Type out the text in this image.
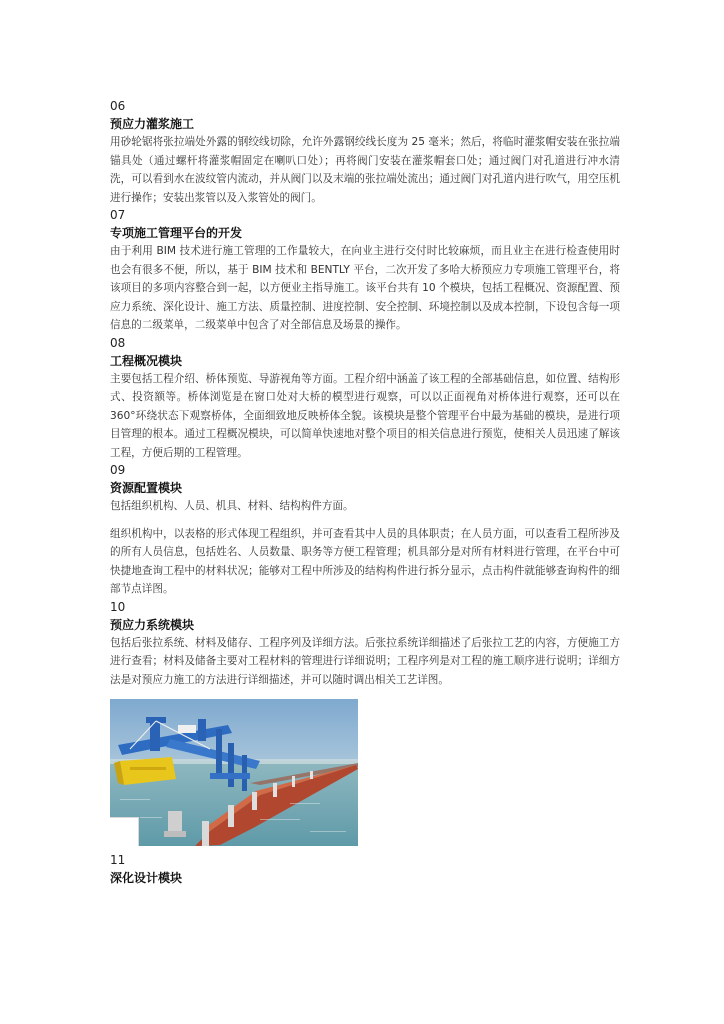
06
预应力灌浆施工

用砂轮锯将张拉端处外露的钢绞线切除，允许外露钢绞线长度为 25 毫米；然后，将临时灌浆帽安装在张拉端锚具处（通过螺杆将灌浆帽固定在喇叭口处）；再将阀门安装在灌浆帽套口处；通过阀门对孔道进行冲水清洗，可以看到水在波纹管内流动，并从阀门以及末端的张拉端处流出；通过阀门对孔道内进行吹气，用空压机进行操作；安装出浆管以及入浆管处的阀门。

07
专项施工管理平台的开发

由于利用 BIM 技术进行施工管理的工作量较大，在向业主进行交付时比较麻烦，而且业主在进行检查使用时也会有很多不便，所以，基于 BIM 技术和 BENTLY 平台，二次开发了多哈大桥预应力专项施工管理平台，将该项目的多项内容整合到一起，以方便业主指导施工。该平台共有 10 个模块，包括工程概况、资源配置、预应力系统、深化设计、施工方法、质量控制、进度控制、安全控制、环境控制以及成本控制，下设包含每一项信息的二级菜单，二级菜单中包含了对全部信息及场景的操作。

08
工程概况模块

主要包括工程介绍、桥体预览、导游视角等方面。工程介绍中涵盖了该工程的全部基础信息，如位置、结构形式、投资额等。桥体浏览是在窗口处对大桥的模型进行观察，可以以正面视角对桥体进行观察，还可以在 360°环绕状态下观察桥体，全面细致地反映桥体全貌。该模块是整个管理平台中最为基础的模块，是进行项目管理的根本。通过工程概况模块，可以简单快速地对整个项目的相关信息进行预览，使相关人员迅速了解该工程，方便后期的工程管理。

09
资源配置模块

包括组织机构、人员、机具、材料、结构构件方面。

组织机构中，以表格的形式体现工程组织，并可查看其中人员的具体职责；在人员方面，可以查看工程所涉及的所有人员信息，包括姓名、人员数量、职务等方便工程管理；机具部分是对所有材料进行管理，在平台中可快捷地查询工程中的材料状况；能够对工程中所涉及的结构构件进行拆分显示，点击构件就能够查询构件的细部节点详图。

10
预应力系统模块

包括后张拉系统、材料及储存、工程序列及详细方法。后张拉系统详细描述了后张拉工艺的内容，方便施工方进行查看；材料及储备主要对工程材料的管理进行详细说明；工程序列是对工程的施工顺序进行说明；详细方法是对预应力施工的方法进行详细描述，并可以随时调出相关工艺详图。

11
深化设计模块
